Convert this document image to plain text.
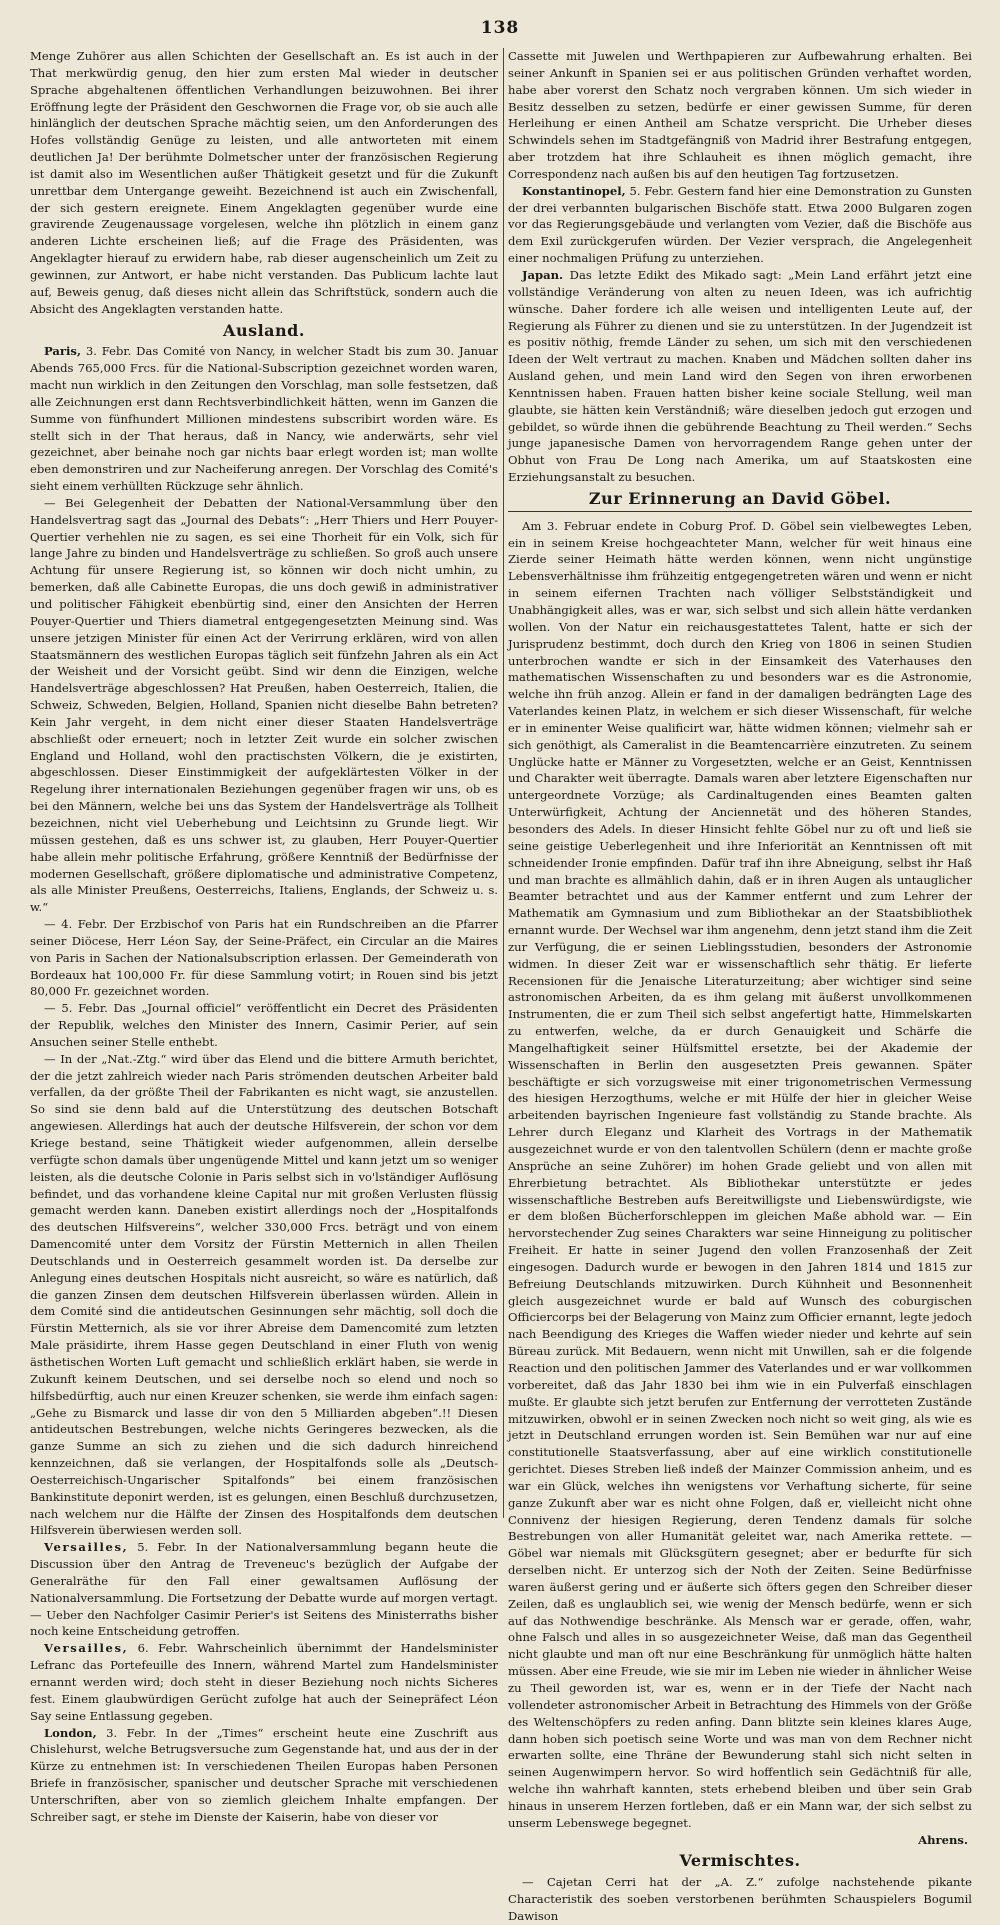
138

Menge Zuhörer aus allen Schichten der Gesellschaft an. Es ist auch in der That merkwürdig genug, den hier zum ersten Mal wieder in deutscher Sprache abgehaltenen öffentlichen Verhandlungen beizuwohnen. Bei ihrer Eröffnung legte der Präsident den Geschwornen die Frage vor, ob sie auch alle hinlänglich der deutschen Sprache mächtig seien, um den Anforderungen des Hofes vollständig Genüge zu leisten, und alle antworteten mit einem deutlichen Ja! Der berühmte Dolmetscher unter der französischen Regierung ist damit also im Wesentlichen außer Thätigkeit gesetzt und für die Zukunft unrettbar dem Untergange geweiht. Bezeichnend ist auch ein Zwischenfall, der sich gestern ereignete. Einem Angeklagten gegenüber wurde eine gravirende Zeugenaussage vorgelesen, welche ihn plötzlich in einem ganz anderen Lichte erscheinen ließ; auf die Frage des Präsidenten, was Angeklagter hierauf zu erwidern habe, rab dieser augenscheinlich um Zeit zu gewinnen, zur Antwort, er habe nicht verstanden. Das Publicum lachte laut auf, Beweis genug, daß dieses nicht allein das Schriftstück, sondern auch die Absicht des Angeklagten verstanden hatte.

Ausland.

Paris, 3. Febr. Das Comité von Nancy, in welcher Stadt bis zum 30. Januar Abends 765,000 Frcs. für die National-Subscription gezeichnet worden waren, macht nun wirklich in den Zeitungen den Vorschlag, man solle festsetzen, daß alle Zeichnungen erst dann Rechtsverbindlichkeit hätten, wenn im Ganzen die Summe von fünfhundert Millionen mindestens subscribirt worden wäre. Es stellt sich in der That heraus, daß in Nancy, wie anderwärts, sehr viel gezeichnet, aber beinahe noch gar nichts baar erlegt worden ist; man wollte eben demonstriren und zur Nacheiferung anregen. Der Vorschlag des Comité's sieht einem verhüllten Rückzuge sehr ähnlich.

— Bei Gelegenheit der Debatten der National-Versammlung über den Handelsvertrag sagt das „Journal des Debats“: „Herr Thiers und Herr Pouyer-Quertier verhehlen nie zu sagen, es sei eine Thorheit für ein Volk, sich für lange Jahre zu binden und Handelsverträge zu schließen. So groß auch unsere Achtung für unsere Regierung ist, so können wir doch nicht umhin, zu bemerken, daß alle Cabinette Europas, die uns doch gewiß in administrativer und politischer Fähigkeit ebenbürtig sind, einer den Ansichten der Herren Pouyer-Quertier und Thiers diametral entgegengesetzten Meinung sind. Was unsere jetzigen Minister für einen Act der Verirrung erklären, wird von allen Staatsmännern des westlichen Europas täglich seit fünfzehn Jahren als ein Act der Weisheit und der Vorsicht geübt. Sind wir denn die Einzigen, welche Handelsverträge abgeschlossen? Hat Preußen, haben Oesterreich, Italien, die Schweiz, Schweden, Belgien, Holland, Spanien nicht dieselbe Bahn betreten? Kein Jahr vergeht, in dem nicht einer dieser Staaten Handelsverträge abschließt oder erneuert; noch in letzter Zeit wurde ein solcher zwischen England und Holland, wohl den practischsten Völkern, die je existirten, abgeschlossen. Dieser Einstimmigkeit der aufgeklärtesten Völker in der Regelung ihrer internationalen Beziehungen gegenüber fragen wir uns, ob es bei den Männern, welche bei uns das System der Handelsverträge als Tollheit bezeichnen, nicht viel Ueberhebung und Leichtsinn zu Grunde liegt. Wir müssen gestehen, daß es uns schwer ist, zu glauben, Herr Pouyer-Quertier habe allein mehr politische Erfahrung, größere Kenntniß der Bedürfnisse der modernen Gesellschaft, größere diplomatische und administrative Competenz, als alle Minister Preußens, Oesterreichs, Italiens, Englands, der Schweiz u. s. w.“

— 4. Febr. Der Erzbischof von Paris hat ein Rundschreiben an die Pfarrer seiner Diöcese, Herr Léon Say, der Seine-Präfect, ein Circular an die Maires von Paris in Sachen der Nationalsubscription erlassen. Der Gemeinderath von Bordeaux hat 100,000 Fr. für diese Sammlung votirt; in Rouen sind bis jetzt 80,000 Fr. gezeichnet worden.

— 5. Febr. Das „Journal officiel“ veröffentlicht ein Decret des Präsidenten der Republik, welches den Minister des Innern, Casimir Perier, auf sein Ansuchen seiner Stelle enthebt.

— In der „Nat.-Ztg.“ wird über das Elend und die bittere Armuth berichtet, der die jetzt zahlreich wieder nach Paris strömenden deutschen Arbeiter bald verfallen, da der größte Theil der Fabrikanten es nicht wagt, sie anzustellen. So sind sie denn bald auf die Unterstützung des deutschen Botschaft angewiesen. Allerdings hat auch der deutsche Hilfsverein, der schon vor dem Kriege bestand, seine Thätigkeit wieder aufgenommen, allein derselbe verfügte schon damals über ungenügende Mittel und kann jetzt um so weniger leisten, als die deutsche Colonie in Paris selbst sich in vo'lständiger Auflösung befindet, und das vorhandene kleine Capital nur mit großen Verlusten flüssig gemacht werden kann. Daneben existirt allerdings noch der „Hospitalfonds des deutschen Hilfsvereins“, welcher 330,000 Frcs. beträgt und von einem Damencomité unter dem Vorsitz der Fürstin Metternich in allen Theilen Deutschlands und in Oesterreich gesammelt worden ist. Da derselbe zur Anlegung eines deutschen Hospitals nicht ausreicht, so wäre es natürlich, daß die ganzen Zinsen dem deutschen Hilfsverein überlassen würden. Allein in dem Comité sind die antideutschen Gesinnungen sehr mächtig, soll doch die Fürstin Metternich, als sie vor ihrer Abreise dem Damencomité zum letzten Male präsidirte, ihrem Hasse gegen Deutschland in einer Fluth von wenig ästhetischen Worten Luft gemacht und schließlich erklärt haben, sie werde in Zukunft keinem Deutschen, und sei derselbe noch so elend und noch so hilfsbedürftig, auch nur einen Kreuzer schenken, sie werde ihm einfach sagen: „Gehe zu Bismarck und lasse dir von den 5 Milliarden abgeben“.!! Diesen antideutschen Bestrebungen, welche nichts Geringeres bezwecken, als die ganze Summe an sich zu ziehen und die sich dadurch hinreichend kennzeichnen, daß sie verlangen, der Hospitalfonds solle als „Deutsch-Oesterreichisch-Ungarischer Spitalfonds“ bei einem französischen Bankinstitute deponirt werden, ist es gelungen, einen Beschluß durchzusetzen, nach welchem nur die Hälfte der Zinsen des Hospitalfonds dem deutschen Hilfsverein überwiesen werden soll.

Versailles, 5. Febr. In der Nationalversammlung begann heute die Discussion über den Antrag de Treveneuc's bezüglich der Aufgabe der Generalräthe für den Fall einer gewaltsamen Auflösung der Nationalversammlung. Die Fortsetzung der Debatte wurde auf morgen vertagt. — Ueber den Nachfolger Casimir Perier's ist Seitens des Ministerraths bisher noch keine Entscheidung getroffen.

Versailles, 6. Febr. Wahrscheinlich übernimmt der Handelsminister Lefranc das Portefeuille des Innern, während Martel zum Handelsminister ernannt werden wird; doch steht in dieser Beziehung noch nichts Sicheres fest. Einem glaubwürdigen Gerücht zufolge hat auch der Seinepräfect Léon Say seine Entlassung gegeben.

London, 3. Febr. In der „Times“ erscheint heute eine Zuschrift aus Chislehurst, welche Betrugsversuche zum Gegenstande hat, und aus der in der Kürze zu entnehmen ist: In verschiedenen Theilen Europas haben Personen Briefe in französischer, spanischer und deutscher Sprache mit verschiedenen Unterschriften, aber von so ziemlich gleichem Inhalte empfangen. Der Schreiber sagt, er stehe im Dienste der Kaiserin, habe von dieser vor

Cassette mit Juwelen und Werthpapieren zur Aufbewahrung erhalten. Bei seiner Ankunft in Spanien sei er aus politischen Gründen verhaftet worden, habe aber vorerst den Schatz noch vergraben können. Um sich wieder in Besitz desselben zu setzen, bedürfe er einer gewissen Summe, für deren Herleihung er einen Antheil am Schatze verspricht. Die Urheber dieses Schwindels sehen im Stadtgefängniß von Madrid ihrer Bestrafung entgegen, aber trotzdem hat ihre Schlauheit es ihnen möglich gemacht, ihre Correspondenz nach außen bis auf den heutigen Tag fortzusetzen.

Konstantinopel, 5. Febr. Gestern fand hier eine Demonstration zu Gunsten der drei verbannten bulgarischen Bischöfe statt. Etwa 2000 Bulgaren zogen vor das Regierungsgebäude und verlangten vom Vezier, daß die Bischöfe aus dem Exil zurückgerufen würden. Der Vezier versprach, die Angelegenheit einer nochmaligen Prüfung zu unterziehen.

Japan. Das letzte Edikt des Mikado sagt: „Mein Land erfährt jetzt eine vollständige Veränderung von alten zu neuen Ideen, was ich aufrichtig wünsche. Daher fordere ich alle weisen und intelligenten Leute auf, der Regierung als Führer zu dienen und sie zu unterstützen. In der Jugendzeit ist es positiv nöthig, fremde Länder zu sehen, um sich mit den verschiedenen Ideen der Welt vertraut zu machen. Knaben und Mädchen sollten daher ins Ausland gehen, und mein Land wird den Segen von ihren erworbenen Kenntnissen haben. Frauen hatten bisher keine sociale Stellung, weil man glaubte, sie hätten kein Verständniß; wäre dieselben jedoch gut erzogen und gebildet, so würde ihnen die gebührende Beachtung zu Theil werden.“ Sechs junge japanesische Damen von hervorragendem Range gehen unter der Obhut von Frau De Long nach Amerika, um auf Staatskosten eine Erziehungsanstalt zu besuchen.

Zur Erinnerung an David Göbel.

Am 3. Februar endete in Coburg Prof. D. Göbel sein vielbewegtes Leben, ein in seinem Kreise hochgeachteter Mann, welcher für weit hinaus eine Zierde seiner Heimath hätte werden können, wenn nicht ungünstige Lebensverhältnisse ihm frühzeitig entgegengetreten wären und wenn er nicht in seinem eifernen Trachten nach völliger Selbstständigkeit und Unabhängigkeit alles, was er war, sich selbst und sich allein hätte verdanken wollen. Von der Natur ein reichausgestattetes Talent, hatte er sich der Jurisprudenz bestimmt, doch durch den Krieg von 1806 in seinen Studien unterbrochen wandte er sich in der Einsamkeit des Vaterhauses den mathematischen Wissenschaften zu und besonders war es die Astronomie, welche ihn früh anzog. Allein er fand in der damaligen bedrängten Lage des Vaterlandes keinen Platz, in welchem er sich dieser Wissenschaft, für welche er in eminenter Weise qualificirt war, hätte widmen können; vielmehr sah er sich genöthigt, als Cameralist in die Beamtencarrière einzutreten. Zu seinem Unglücke hatte er Männer zu Vorgesetzten, welche er an Geist, Kenntnissen und Charakter weit überragte. Damals waren aber letztere Eigenschaften nur untergeordnete Vorzüge; als Cardinaltugenden eines Beamten galten Unterwürfigkeit, Achtung der Anciennetät und des höheren Standes, besonders des Adels. In dieser Hinsicht fehlte Göbel nur zu oft und ließ sie seine geistige Ueberlegenheit und ihre Inferiorität an Kenntnissen oft mit schneidender Ironie empfinden. Dafür traf ihn ihre Abneigung, selbst ihr Haß und man brachte es allmählich dahin, daß er in ihren Augen als untauglicher Beamter betrachtet und aus der Kammer entfernt und zum Lehrer der Mathematik am Gymnasium und zum Bibliothekar an der Staatsbibliothek ernannt wurde. Der Wechsel war ihm angenehm, denn jetzt stand ihm die Zeit zur Verfügung, die er seinen Lieblingsstudien, besonders der Astronomie widmen. In dieser Zeit war er wissenschaftlich sehr thätig. Er lieferte Recensionen für die Jenaische Literaturzeitung; aber wichtiger sind seine astronomischen Arbeiten, da es ihm gelang mit äußerst unvollkommenen Instrumenten, die er zum Theil sich selbst angefertigt hatte, Himmelskarten zu entwerfen, welche, da er durch Genauigkeit und Schärfe die Mangelhaftigkeit seiner Hülfsmittel ersetzte, bei der Akademie der Wissenschaften in Berlin den ausgesetzten Preis gewannen. Später beschäftigte er sich vorzugsweise mit einer trigonometrischen Vermessung des hiesigen Herzogthums, welche er mit Hülfe der hier in gleicher Weise arbeitenden bayrischen Ingenieure fast vollständig zu Stande brachte. Als Lehrer durch Eleganz und Klarheit des Vortrags in der Mathematik ausgezeichnet wurde er von den talentvollen Schülern (denn er machte große Ansprüche an seine Zuhörer) im hohen Grade geliebt und von allen mit Ehrerbietung betrachtet. Als Bibliothekar unterstützte er jedes wissenschaftliche Bestreben aufs Bereitwilligste und Liebenswürdigste, wie er dem bloßen Bücherforschleppen im gleichen Maße abhold war. — Ein hervorstechender Zug seines Charakters war seine Hinneigung zu politischer Freiheit. Er hatte in seiner Jugend den vollen Franzosenhaß der Zeit eingesogen. Dadurch wurde er bewogen in den Jahren 1814 und 1815 zur Befreiung Deutschlands mitzuwirken. Durch Kühnheit und Besonnenheit gleich ausgezeichnet wurde er bald auf Wunsch des coburgischen Officiercorps bei der Belagerung von Mainz zum Officier ernannt, legte jedoch nach Beendigung des Krieges die Waffen wieder nieder und kehrte auf sein Büreau zurück. Mit Bedauern, wenn nicht mit Unwillen, sah er die folgende Reaction und den politischen Jammer des Vaterlandes und er war vollkommen vorbereitet, daß das Jahr 1830 bei ihm wie in ein Pulverfaß einschlagen mußte. Er glaubte sich jetzt berufen zur Entfernung der verrotteten Zustände mitzuwirken, obwohl er in seinen Zwecken noch nicht so weit ging, als wie es jetzt in Deutschland errungen worden ist. Sein Bemühen war nur auf eine constitutionelle Staatsverfassung, aber auf eine wirklich constitutionelle gerichtet. Dieses Streben ließ indeß der Mainzer Commission anheim, und es war ein Glück, welches ihn wenigstens vor Verhaftung sicherte, für seine ganze Zukunft aber war es nicht ohne Folgen, daß er, vielleicht nicht ohne Connivenz der hiesigen Regierung, deren Tendenz damals für solche Bestrebungen von aller Humanität geleitet war, nach Amerika rettete. — Göbel war niemals mit Glücksgütern gesegnet; aber er bedurfte für sich derselben nicht. Er unterzog sich der Noth der Zeiten. Seine Bedürfnisse waren äußerst gering und er äußerte sich öfters gegen den Schreiber dieser Zeilen, daß es unglaublich sei, wie wenig der Mensch bedürfe, wenn er sich auf das Nothwendige beschränke. Als Mensch war er gerade, offen, wahr, ohne Falsch und alles in so ausgezeichneter Weise, daß man das Gegentheil nicht glaubte und man oft nur eine Beschränkung für unmöglich hätte halten müssen. Aber eine Freude, wie sie mir im Leben nie wieder in ähnlicher Weise zu Theil geworden ist, war es, wenn er in der Tiefe der Nacht nach vollendeter astronomischer Arbeit in Betrachtung des Himmels von der Größe des Weltenschöpfers zu reden anfing. Dann blitzte sein kleines klares Auge, dann hoben sich poetisch seine Worte und was man von dem Rechner nicht erwarten sollte, eine Thräne der Bewunderung stahl sich nicht selten in seinen Augenwimpern hervor. So wird hoffentlich sein Gedächtniß für alle, welche ihn wahrhaft kannten, stets erhebend bleiben und über sein Grab hinaus in unserem Herzen fortleben, daß er ein Mann war, der sich selbst zu unserm Lebenswege begegnet.

Ahrens.
Vermischtes.

— Cajetan Cerri hat der „A. Z.“ zufolge nachstehende pikante Characteristik des soeben verstorbenen berühmten Schauspielers Bogumil Dawison
